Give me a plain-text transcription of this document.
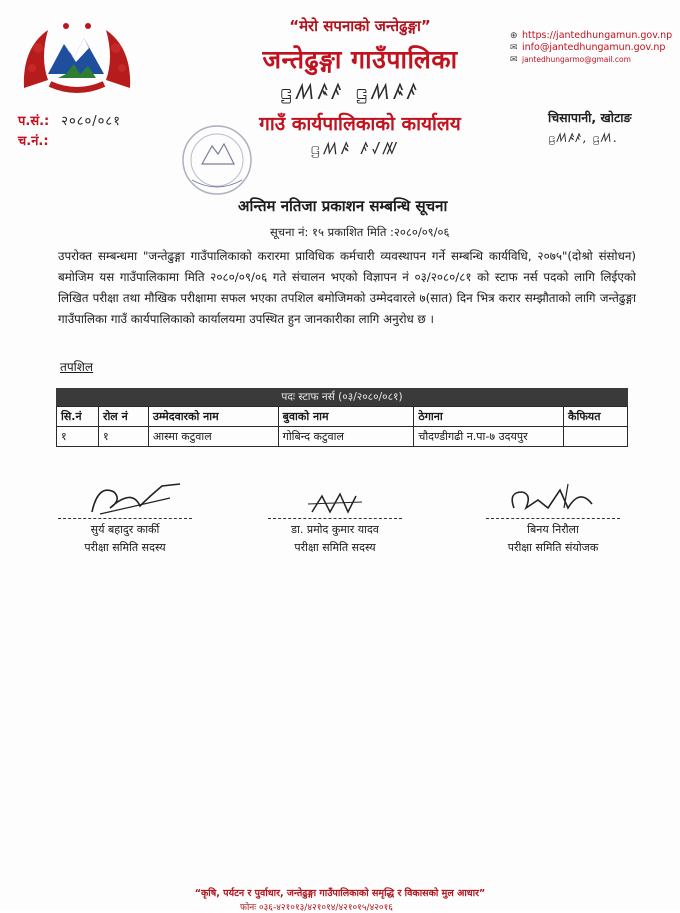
“मेरो सपनाको जन्तेढुङ्गा”
जन्तेढुङ्गा गाउँपालिका
ꤞꤵꤴꤰ ꤞꤵꤴꤰ
गाउँ कार्यपालिकाको कार्यालय
ꤞꤵꤴ ꤰꤶꤲ
⊕ https://jantedhungamun.gov.np
✉ info@jantedhungamun.gov.np
✉ jantedhungarmo@gmail.com
प.सं.: २०८०/०८१
च.नं.:
चिसापानी, खोटाङ
ꤞꤵꤴꤰ, ꤞꤵ.
अन्तिम नतिजा प्रकाशन सम्बन्धि सूचना
सूचना नं: १५ प्रकाशित मिति :२०८०/०९/०६
उपरोक्त सम्बन्धमा "जन्तेढुङ्गा गाउँपालिकाको करारमा प्राविधिक कर्मचारी व्यवस्थापन गर्ने सम्बन्धि कार्यविधि, २०७५"(दोश्रो संसोधन) बमोजिम यस गाउँपालिकामा मिति २०८०/०९/०६ गते संचालन भएको विज्ञापन नं ०३/२०८०/८१ को स्टाफ नर्स पदको लागि लिईएको लिखित परीक्षा तथा मौखिक परीक्षामा सफल भएका तपशिल बमोजिमको उम्मेदवारले ७(सात) दिन भित्र करार सम्झौताको लागि जन्तेढुङ्गा गाउँपालिका गाउँ कार्यपालिकाको कार्यालयमा उपस्थित हुन जानकारीका लागि अनुरोध छ ।
तपशिल
पदः स्टाफ नर्स (०३/२०८०/०८१)
सि.नं	रोल नं	उम्मेदवारको नाम	बुवाको नाम	ठेगाना	कैफियत
१	१	आस्मा कटुवाल	गोबिन्द कटुवाल	चौदण्डीगढी न.पा-७ उदयपुर	
सुर्य बहादुर कार्की
परीक्षा समिति सदस्य
डा. प्रमोद कुमार यादव
परीक्षा समिति सदस्य
बिनय निरौला
परीक्षा समिति संयोजक
“कृषि, पर्यटन र पुर्वाधार, जन्तेढुङ्गा गाउँपालिकाको समृद्धि र विकासको मुल आधार”
फोनः ०३६-४२१०१३/४२१०१४/४२१०१५/४२०१६
